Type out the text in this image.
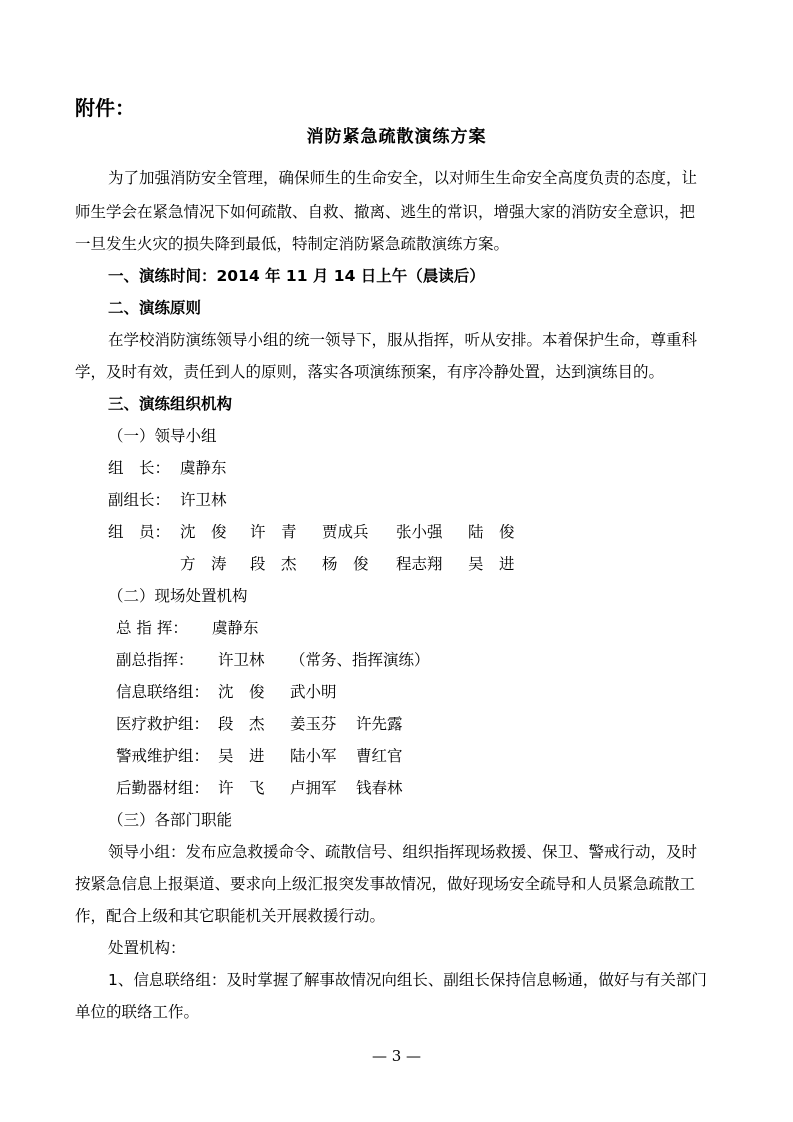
附件：
消防紧急疏散演练方案
为了加强消防安全管理，确保师生的生命安全，以对师生生命安全高度负责的态度，让
师生学会在紧急情况下如何疏散、自救、撤离、逃生的常识，增强大家的消防安全意识，把
一旦发生火灾的损失降到最低，特制定消防紧急疏散演练方案。
一、演练时间：2014 年 11 月 14 日上午（晨读后）
二、演练原则
在学校消防演练领导小组的统一领导下，服从指挥，听从安排。本着保护生命，尊重科
学，及时有效，责任到人的原则，落实各项演练预案，有序冷静处置，达到演练目的。
三、演练组织机构
（一）领导小组
组　长： 虞静东
副组长： 许卫林
组　员： 沈　俊 许　青 贾成兵 张小强 陆　俊
方　涛 段　杰 杨　俊 程志翔 吴　进
（二）现场处置机构
总 指 挥： 虞静东
副总指挥： 许卫林 （常务、指挥演练）
信息联络组： 沈　俊 武小明
医疗救护组： 段　杰 姜玉芬 许先露
警戒维护组： 吴　进 陆小军 曹红官
后勤器材组： 许　飞 卢拥军 钱春林
（三）各部门职能
领导小组：发布应急救援命令、疏散信号、组织指挥现场救援、保卫、警戒行动，及时
按紧急信息上报渠道、要求向上级汇报突发事故情况，做好现场安全疏导和人员紧急疏散工
作，配合上级和其它职能机关开展救援行动。
处置机构：
1、信息联络组：及时掌握了解事故情况向组长、副组长保持信息畅通，做好与有关部门
单位的联络工作。
— 3 —
